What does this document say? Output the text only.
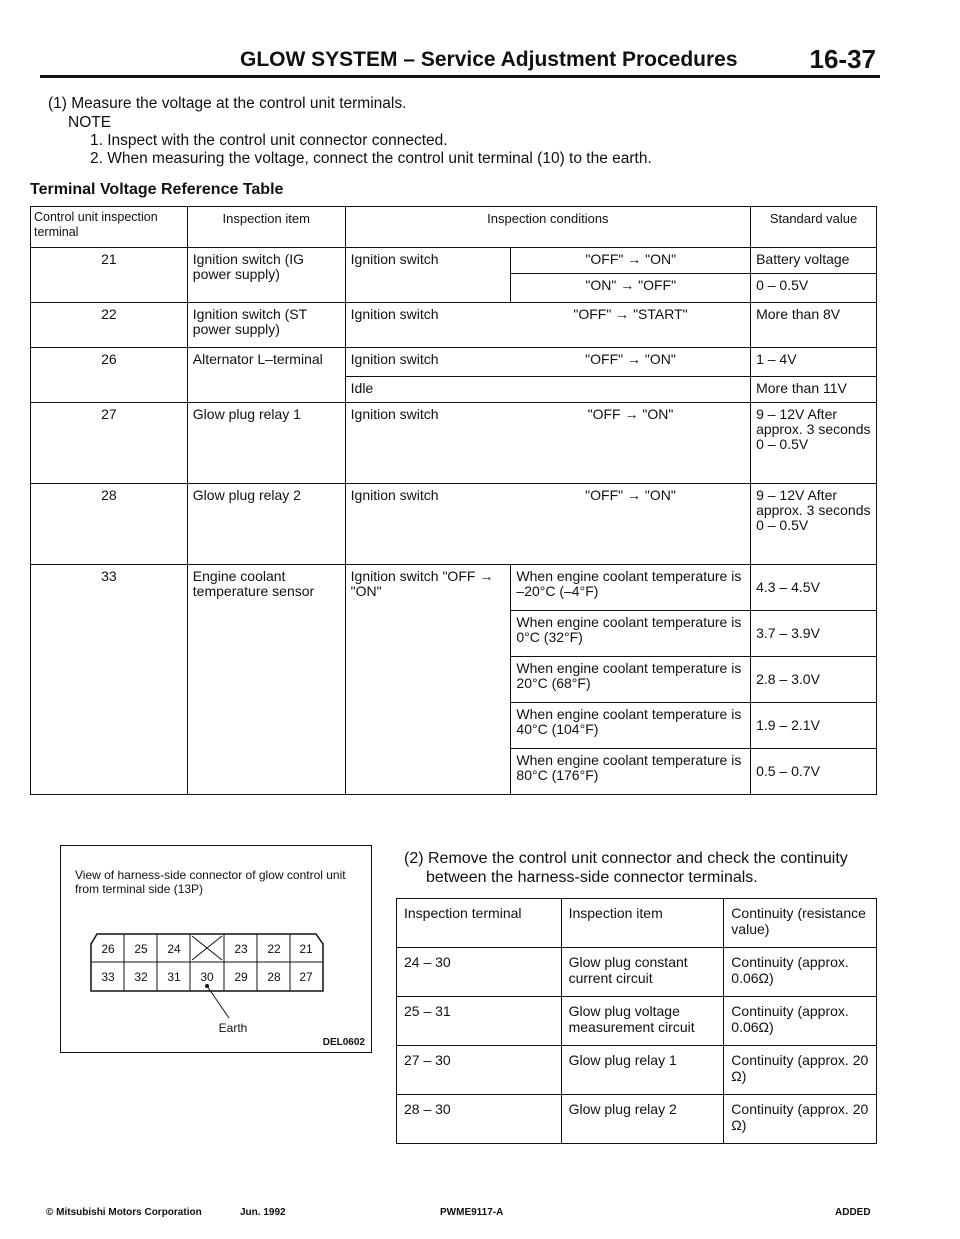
GLOW SYSTEM – Service Adjustment Procedures	16-37
(1) Measure the voltage at the control unit terminals.
NOTE
1. Inspect with the control unit connector connected.
2. When measuring the voltage, connect the control unit terminal (10) to the earth.
Terminal Voltage Reference Table
Control unit inspection terminal	Inspection item	Inspection conditions		Standard value
21	Ignition switch (IG power supply)	Ignition switch	"OFF" → "ON"	Battery voltage
			"ON" → "OFF"	0 – 0.5V
22	Ignition switch (ST power supply)	Ignition switch	"OFF" → "START"	More than 8V
26	Alternator L–terminal	Ignition switch	"OFF" → "ON"	1 – 4V
		Idle		More than 11V
27	Glow plug relay 1	Ignition switch	"OFF → "ON"	9 – 12V After approx. 3 seconds 0 – 0.5V
28	Glow plug relay 2	Ignition switch	"OFF" → "ON"	9 – 12V After approx. 3 seconds 0 – 0.5V
33	Engine coolant temperature sensor	Ignition switch "OFF → "ON"	When engine coolant temperature is –20°C (–4°F)	4.3 – 4.5V
			When engine coolant temperature is 0°C (32°F)	3.7 – 3.9V
			When engine coolant temperature is 20°C (68°F)	2.8 – 3.0V
			When engine coolant temperature is 40°C (104°F)	1.9 – 2.1V
			When engine coolant temperature is 80°C (176°F)	0.5 – 0.7V
View of harness-side connector of glow control unit from terminal side (13P)
26 25 24	23 22 21
33 32 31 30 29 28 27
Earth
DEL0602
(2) Remove the control unit connector and check the continuity between the harness-side connector terminals.
Inspection terminal	Inspection item	Continuity (resistance value)
24 – 30	Glow plug constant current circuit	Continuity (approx. 0.06Ω)
25 – 31	Glow plug voltage measurement circuit	Continuity (approx. 0.06Ω)
27 – 30	Glow plug relay 1	Continuity (approx. 20 Ω)
28 – 30	Glow plug relay 2	Continuity (approx. 20 Ω)
© Mitsubishi Motors Corporation	Jun. 1992	PWME9117-A	ADDED
